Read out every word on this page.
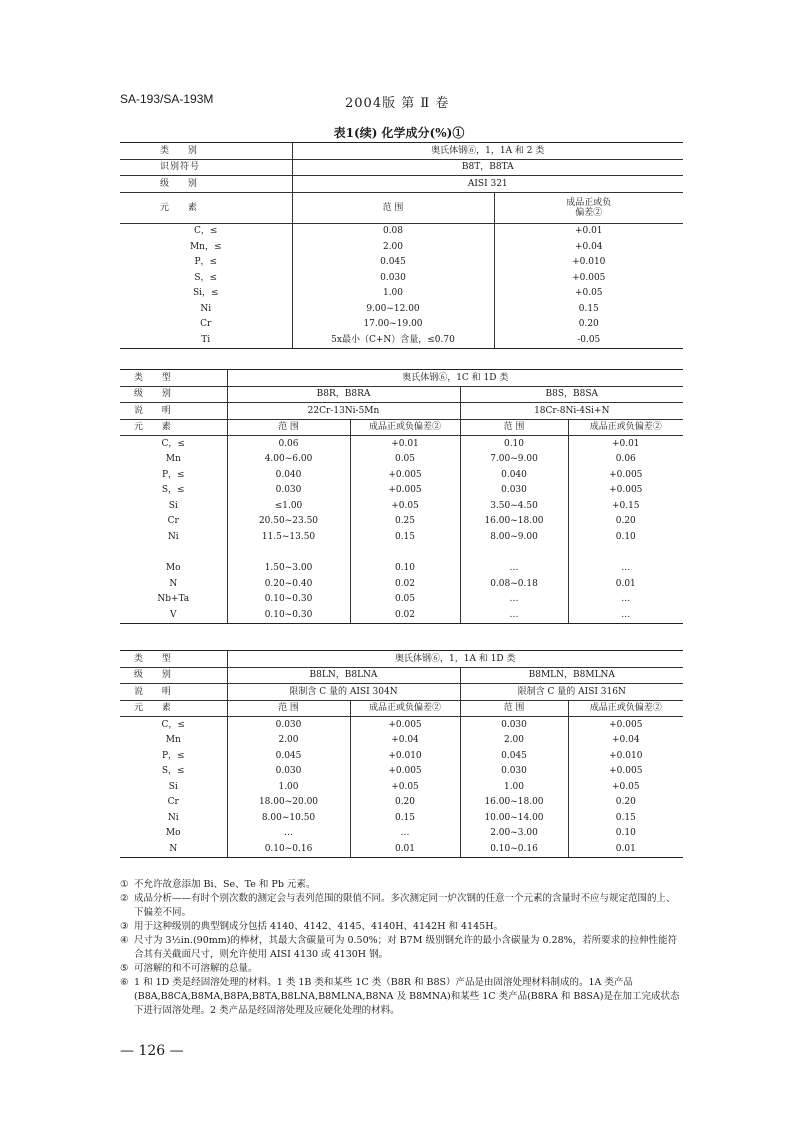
SA-193/SA-193M	2004版 第 Ⅱ 卷
表1(续) 化学成分(%)①
类 别	奥氏体钢⑥，1，1A 和 2 类	
识别符号	B8T，B8TA	
级 别	AISI 321	
元 素	范 围	成品正或负
偏差②
C，≤	0.08	+0.01
Mn，≤	2.00	+0.04
P，≤	0.045	+0.010
S，≤	0.030	+0.005
Si，≤	1.00	+0.05
Ni	9.00~12.00	0.15
Cr	17.00~19.00	0.20
Ti	5x最小（C+N）含量，≤0.70	-0.05
类 型	奥氏体钢⑥，1C 和 1D 类			
级 别	B8R，B8RA		B8S，B8SA	
说 明	22Cr-13Ni-5Mn		18Cr-8Ni-4Si+N	
元 素	范 围	成品正或负偏差②	范 围	成品正或负偏差②
C，≤	0.06	+0.01	0.10	+0.01
Mn	4.00~6.00	0.05	7.00~9.00	0.06
P，≤	0.040	+0.005	0.040	+0.005
S，≤	0.030	+0.005	0.030	+0.005
Si	≤1.00	+0.05	3.50~4.50	+0.15
Cr	20.50~23.50	0.25	16.00~18.00	0.20
Ni	11.5~13.50	0.15	8.00~9.00	0.10

Mo	1.50~3.00	0.10	…	…
N	0.20~0.40	0.02	0.08~0.18	0.01
Nb+Ta	0.10~0.30	0.05	…	…
V	0.10~0.30	0.02	…	…
类 型	奥氏体钢⑥，1，1A 和 1D 类			
级 别	B8LN，B8LNA		B8MLN，B8MLNA	
说 明	限制含 C 量的 AISI 304N		限制含 C 量的 AISI 316N	
元 素	范 围	成品正或负偏差②	范 围	成品正或负偏差②
C，≤	0.030	+0.005	0.030	+0.005
Mn	2.00	+0.04	2.00	+0.04
P，≤	0.045	+0.010	0.045	+0.010
S，≤	0.030	+0.005	0.030	+0.005
Si	1.00	+0.05	1.00	+0.05
Cr	18.00~20.00	0.20	16.00~18.00	0.20
Ni	8.00~10.50	0.15	10.00~14.00	0.15
Mo	…	…	2.00~3.00	0.10
N	0.10~0.16	0.01	0.10~0.16	0.01
① 不允许故意添加 Bi、Se、Te 和 Pb 元素。
② 成品分析——有时个别次数的测定会与表列范围的限值不同。多次测定同一炉次钢的任意一个元素的含量时不应与规定范围的上、下偏差不同。
③ 用于这种级别的典型钢成分包括 4140、4142、4145、4140H、4142H 和 4145H。
④ 尺寸为 3½in.(90mm)的棒材，其最大含碳量可为 0.50%；对 B7M 级别钢允许的最小含碳量为 0.28%，若所要求的拉伸性能符合其有关截面尺寸，则允许使用 AISI 4130 或 4130H 钢。
⑤ 可溶解的和不可溶解的总量。
⑥ 1 和 1D 类是经固溶处理的材料。1 类 1B 类和某些 1C 类（B8R 和 B8S）产品是由固溶处理材料制成的。1A 类产品(B8A,B8CA,B8MA,B8PA,B8TA,B8LNA,B8MLNA,B8NA 及 B8MNA)和某些 1C 类产品(B8RA 和 B8SA)是在加工完成状态下进行固溶处理。2 类产品是经固溶处理及应硬化处理的材料。
— 126 —
